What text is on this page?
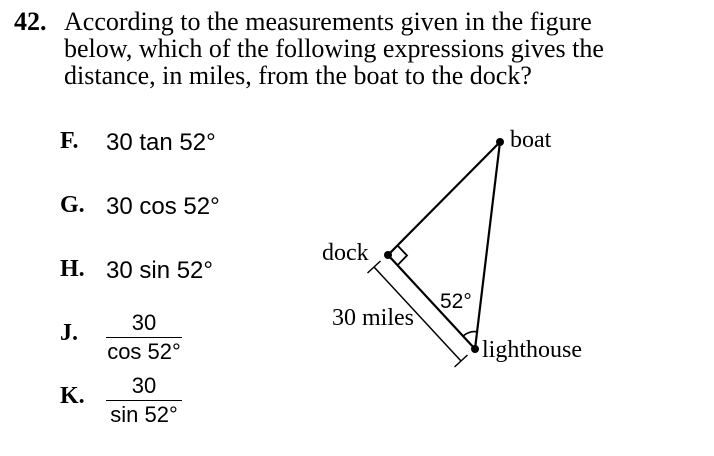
42. According to the measurements given in the figure
below, which of the following expressions gives the
distance, in miles, from the boat to the dock?
F. 30 tan 52°
G. 30 cos 52°
H. 30 sin 52°
J.	30
cos 52°
K.	30
sin 52°
boat
dock
lighthouse
30 miles
52°
